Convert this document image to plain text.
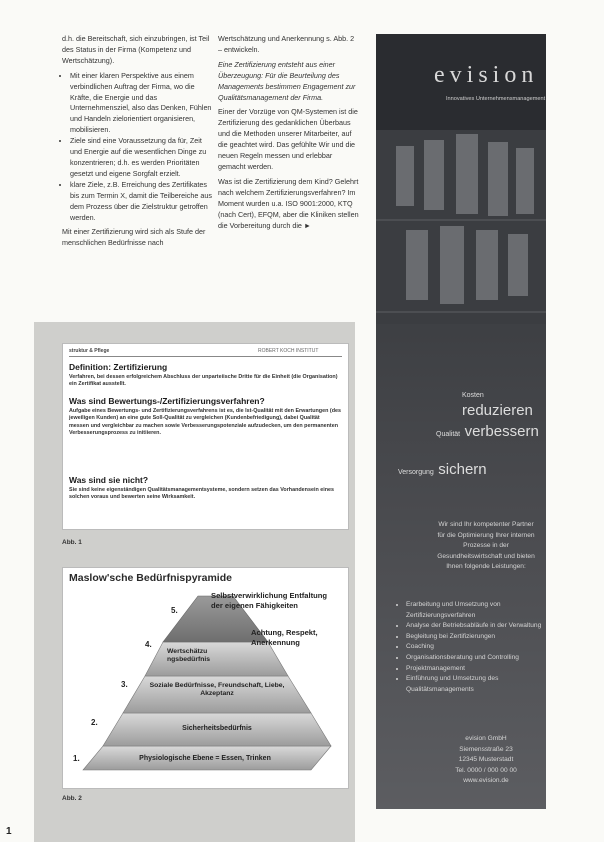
d.h. die Bereitschaft, sich einzubringen, ist Teil des Status in der Firma (Kompetenz und Wertschätzung).

• Mit einer klaren Perspektive aus einem verbindlichen Auftrag der Firma, wo die Kräfte, die Energie und das Unternehmensziel, also das Denken, Fühlen und Handeln zielorientiert organisieren, mobilisieren.
• Ziele sind eine Voraussetzung da für, Zeit und Energie auf die wesentlichen Dinge zu konzentrieren; d.h. es werden Prioritäten gesetzt und eigene Sorgfalt erzielt.
• klare Ziele, z.B. Erreichung des Zertifikates bis zum Termin X, damit die Teilbereiche aus dem Prozess über die Zielstruktur getroffen werden.

Mit einer Zertifizierung wird sich als Stufe der menschlichen Bedürfnisse nach

Wertschätzung und Anerkennung s. Abb. 2 – entwickeln.

Eine Zertifizierung entsteht aus einer Überzeugung: Für die Beurteilung des Managements bestimmen Engagement zur Qualitätsmanagement der Firma.

Einer der Vorzüge von QM-Systemen ist die Zertifizierung des gedanklichen Überbaus und die Methoden unserer Mitarbeiter, auf die geachtet wird. Das gefühlte Wir und die neuen Regeln messen und erlebbar gemacht werden.

Was ist die Zertifizierung dem Kind? Gelehrt nach welchem Zertifizierungsverfahren? Im Moment wurden u.a. ISO 9001:2000, KTQ (nach Cert), EFQM, aber die Kliniken stellen die Vorbereitung durch die ►

struktur & Pflege	ROBERT KOCH INSTITUT
Definition: Zertifizierung
Verfahren, bei dessen erfolgreichem Abschluss der unparteiische Dritte für die Einheit (die Organisation) ein Zertifikat ausstellt.
Was sind Bewertungs-/Zertifizierungsverfahren?
Aufgabe eines Bewertungs- und Zertifizierungsverfahrens ist es, die Ist-Qualität mit den Erwartungen (des jeweiligen Kunden) an eine gute Soll-Qualität zu vergleichen (Kundenbefriedigung), dabei Qualität messen und vergleichbar zu machen sowie Verbesserungspotenziale aufzudecken, um den permanenten Verbesserungsprozess zu initiieren.
Was sind sie nicht?
Sie sind keine eigenständigen Qualitätsmanagementsysteme, sondern setzen das Vorhandensein eines solchen voraus und bewerten seine Wirksamkeit.
Abb. 1
Maslow'sche Bedürfnispyramide
1.	Physiologische Ebene = Essen, Trinken
2.
Sicherheitsbedürfnis
3.	Soziale Bedürfnisse, Freundschaft, Liebe, Akzeptanz
4.
Wertschätzungsbedürfnis
5.
Selbstverwirklichung Entfaltung der eigenen Fähigkeiten
Achtung, Respekt, Anerkennung
Abb. 2
1
evision
Innovatives Unternehmensmanagement
Kosten reduzieren
Qualität verbessern
Versorgung sichern
Wir sind Ihr kompetenter Partner für die Optimierung Ihrer internen Prozesse in der Gesundheitswirtschaft und bieten Ihnen folgende Leistungen:
• Erarbeitung und Umsetzung von Zertifizierungsverfahren
• Analyse der Betriebsabläufe in der Verwaltung
• Begleitung bei Zertifizierungen
• Coaching
• Organisationsberatung und Controlling
• Projektmanagement
• Einführung und Umsetzung des Qualitätsmanagements
evision GmbH
Siemensstraße 23
12345 Musterstadt
Tel. 0000 / 000 00 00
www.evision.de
